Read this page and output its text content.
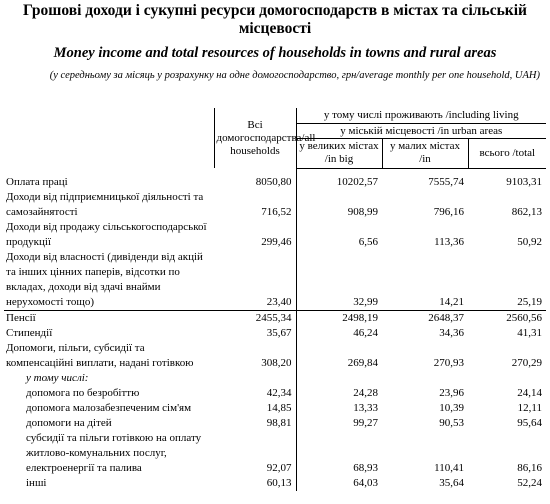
Грошові доходи і сукупні ресурси домогосподарств в містах та сільській місцевості
Money income and total resources of households in towns and rural areas
(у середньому за місяць у розрахунку на одне домогосподарство, грн/average monthly per one household, UAH)
	Всі домогосподарства/all households	у тому числі проживають /including living		
		у міській місцевості /in urban areas		
		у великих містах /in big	у малих містах /in	всього /total
Оплата праці	8050,80	10202,57	7555,74	9103,31
Доходи від підприємницької діяльності та самозайнятості	716,52	908,99	796,16	862,13
Доходи від продажу сільськогосподарської продукції	299,46	6,56	113,36	50,92
Доходи від власності (дивіденди від акцій та інших цінних паперів, відсотки по вкладах, доходи від здачі внайми нерухомості тощо)	23,40	32,99	14,21	25,19
Пенсії	2455,34	2498,19	2648,37	2560,56
Стипендії	35,67	46,24	34,36	41,31
Допомоги, пільги, субсидії та компенсаційні виплати, надані готівкою	308,20	269,84	270,93	270,29
у тому числі:				
допомога по безробіттю	42,34	24,28	23,96	24,14
допомога малозабезпеченим сім'ям	14,85	13,33	10,39	12,11
допомоги на дітей	98,81	99,27	90,53	95,64
субсидії та пільги готівкою на оплату житлово-комунальних послуг, електроенергії та палива	92,07	68,93	110,41	86,16
інші	60,13	64,03	35,64	52,24
